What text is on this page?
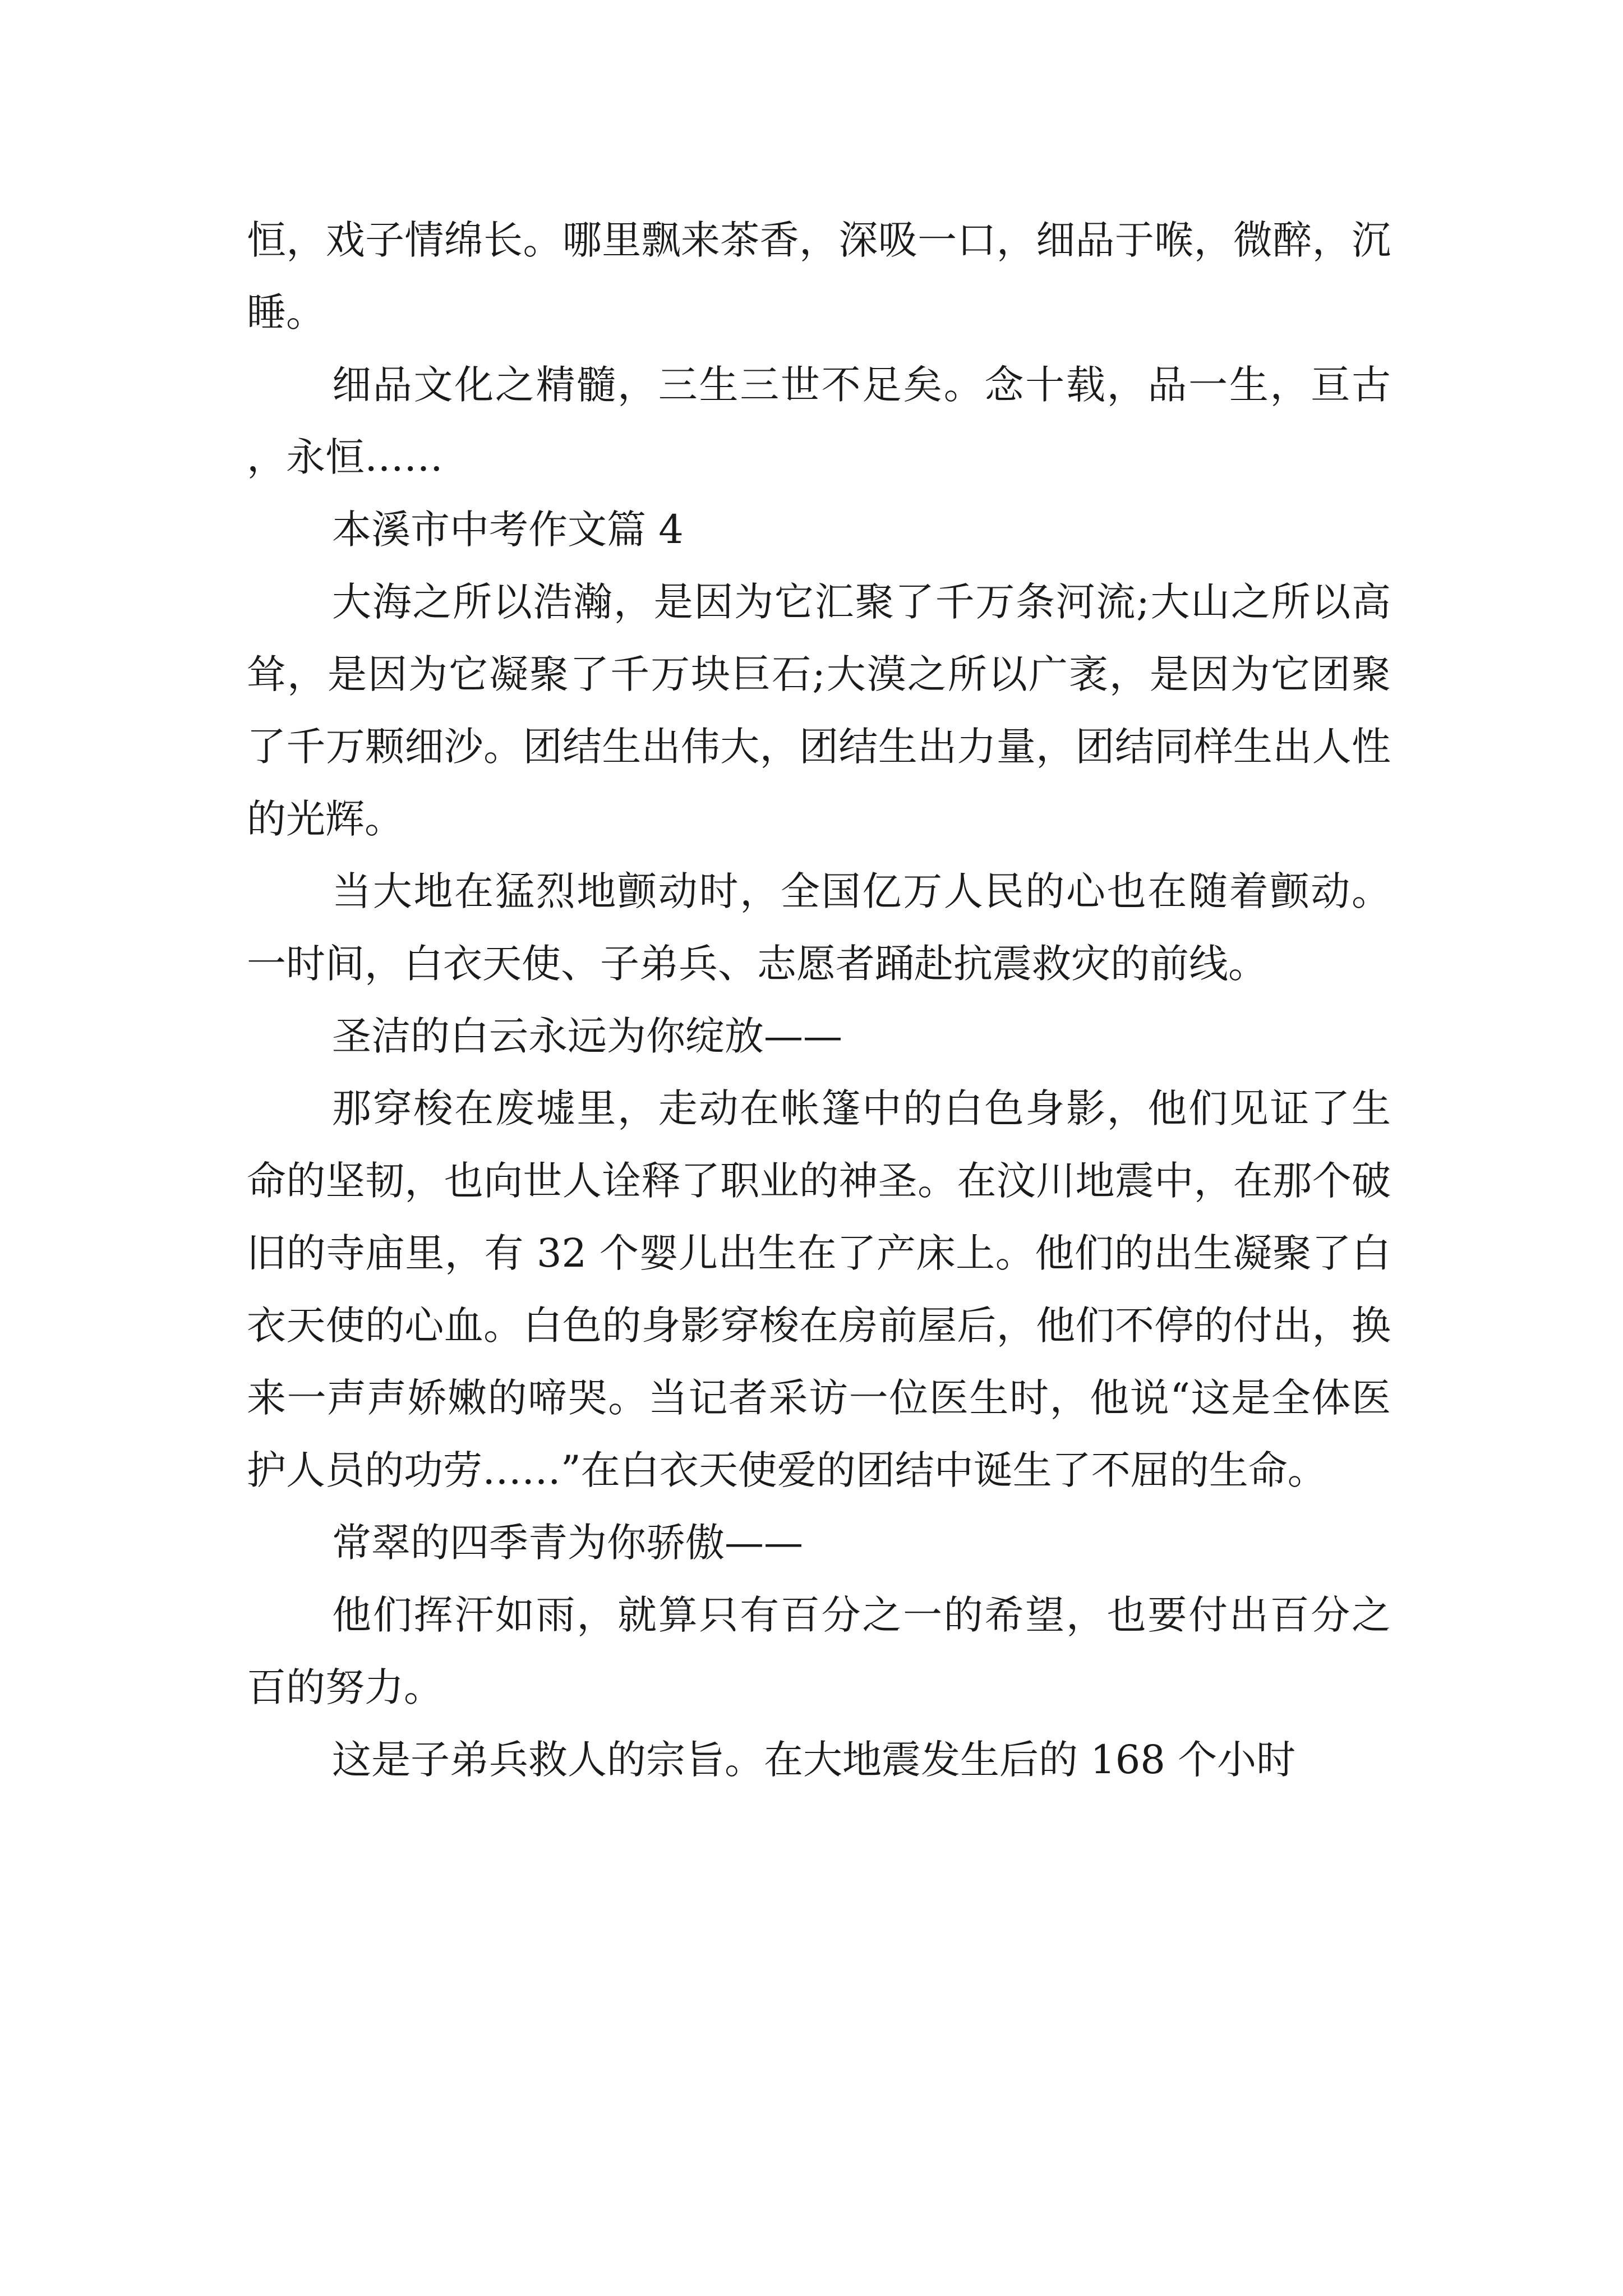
恒，戏子情绵长。哪里飘来茶香，深吸一口，细品于喉，微醉，沉睡。

细品文化之精髓，三生三世不足矣。念十载，品一生，亘古，永恒……

本溪市中考作文篇 4

大海之所以浩瀚，是因为它汇聚了千万条河流;大山之所以高耸，是因为它凝聚了千万块巨石;大漠之所以广袤，是因为它团聚了千万颗细沙。团结生出伟大，团结生出力量，团结同样生出人性的光辉。

当大地在猛烈地颤动时，全国亿万人民的心也在随着颤动。一时间，白衣天使、子弟兵、志愿者踊赴抗震救灾的前线。

圣洁的白云永远为你绽放——

那穿梭在废墟里，走动在帐篷中的白色身影，他们见证了生命的坚韧，也向世人诠释了职业的神圣。在汶川地震中，在那个破旧的寺庙里，有 32 个婴儿出生在了产床上。他们的出生凝聚了白衣天使的心血。白色的身影穿梭在房前屋后，他们不停的付出，换来一声声娇嫩的啼哭。当记者采访一位医生时，他说“这是全体医护人员的功劳……”在白衣天使爱的团结中诞生了不屈的生命。

常翠的四季青为你骄傲——

他们挥汗如雨，就算只有百分之一的希望，也要付出百分之百的努力。

这是子弟兵救人的宗旨。在大地震发生后的 168 个小时
